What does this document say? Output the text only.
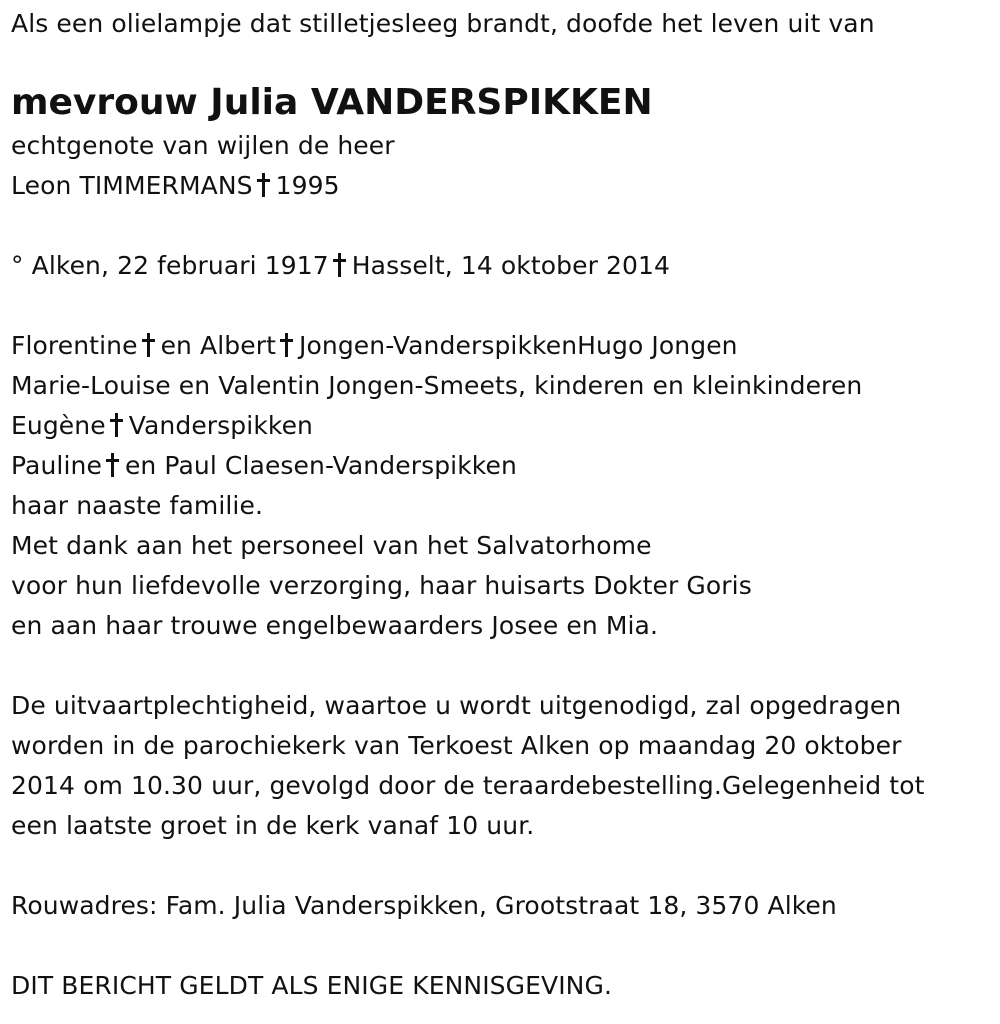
Als een olielampje dat stilletjesleeg brandt, doofde het leven uit van
mevrouw Julia VANDERSPIKKEN
echtgenote van wijlen de heer
Leon TIMMERMANS 1995
° Alken, 22 februari 1917 Hasselt, 14 oktober 2014
Florentine en Albert Jongen-VanderspikkenHugo Jongen
Marie-Louise en Valentin Jongen-Smeets, kinderen en kleinkinderen
Eugène Vanderspikken
Pauline en Paul Claesen-Vanderspikken
haar naaste familie.
Met dank aan het personeel van het Salvatorhome
voor hun liefdevolle verzorging, haar huisarts Dokter Goris
en aan haar trouwe engelbewaarders Josee en Mia.
De uitvaartplechtigheid, waartoe u wordt uitgenodigd, zal opgedragen
worden in de parochiekerk van Terkoest Alken op maandag 20 oktober
2014 om 10.30 uur, gevolgd door de teraardebestelling.Gelegenheid tot
een laatste groet in de kerk vanaf 10 uur.
Rouwadres: Fam. Julia Vanderspikken, Grootstraat 18, 3570 Alken
DIT BERICHT GELDT ALS ENIGE KENNISGEVING.
